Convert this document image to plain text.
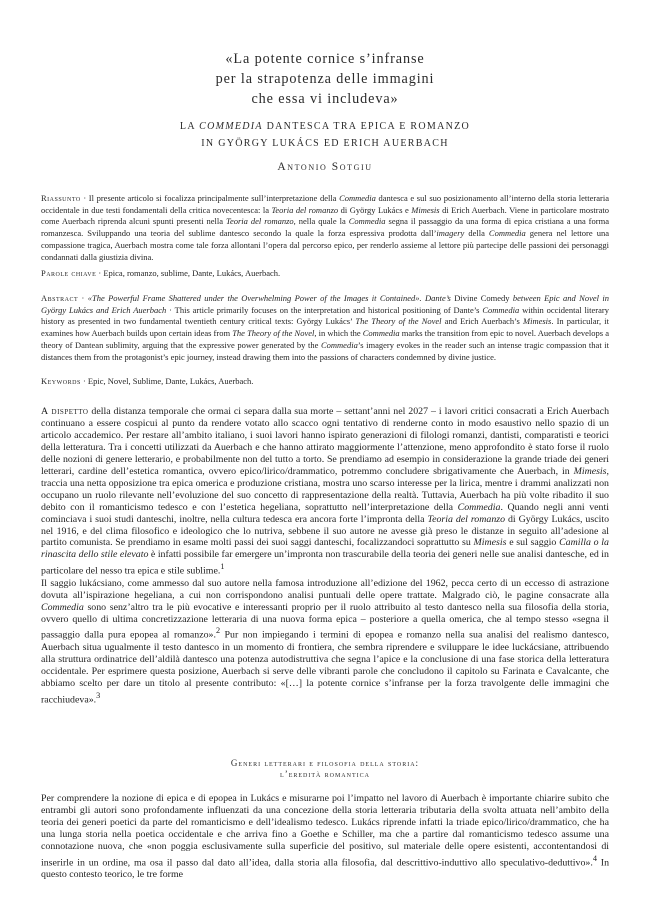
«La potente cornice s’infranse
per la strapotenza delle immagini
che essa vi includeva»
LA COMMEDIA DANTESCA TRA EPICA E ROMANZO
IN GYÖRGY LUKÁCS ED ERICH AUERBACH
Antonio Sotgiu
Riassunto · Il presente articolo si focalizza principalmente sull’interpretazione della Commedia dantesca e sul suo posizionamento all’interno della storia letteraria occidentale in due testi fondamentali della critica novecentesca: la Teoria del romanzo di György Lukács e Mimesis di Erich Auerbach. Viene in particolare mostrato come Auerbach riprenda alcuni spunti presenti nella Teoria del romanzo, nella quale la Commedia segna il passaggio da una forma di epica cristiana a una forma romanzesca. Sviluppando una teoria del sublime dantesco secondo la quale la forza espressiva prodotta dall’imagery della Commedia genera nel lettore una compassione tragica, Auerbach mostra come tale forza allontani l’opera dal percorso epico, per renderlo assieme al lettore più partecipe delle passioni dei personaggi condannati dalla giustizia divina.
Parole chiave · Epica, romanzo, sublime, Dante, Lukács, Auerbach.
Abstract · «The Powerful Frame Shattered under the Overwhelming Power of the Images it Contained». Dante’s Divine Comedy between Epic and Novel in György Lukács and Erich Auerbach · This article primarily focuses on the interpretation and historical positioning of Dante’s Commedia within occidental literary history as presented in two fundamental twentieth century critical texts: György Lukács’ The Theory of the Novel and Erich Auerbach’s Mimesis. In particular, it examines how Auerbach builds upon certain ideas from The Theory of the Novel, in which the Commedia marks the transition from epic to novel. Auerbach develops a theory of Dantean sublimity, arguing that the expressive power generated by the Commedia’s imagery evokes in the reader such an intense tragic compassion that it distances them from the protagonist’s epic journey, instead drawing them into the passions of characters condemned by divine justice.
Keywords · Epic, Novel, Sublime, Dante, Lukács, Auerbach.

A dispetto della distanza temporale che ormai ci separa dalla sua morte – settant’anni nel 2027 – i lavori critici consacrati a Erich Auerbach continuano a essere cospicui al punto da rendere votato allo scacco ogni tentativo di renderne conto in modo esaustivo nello spazio di un articolo accademico. Per restare all’ambito italiano, i suoi lavori hanno ispirato generazioni di filologi romanzi, dantisti, comparatisti e teorici della letteratura. Tra i concetti utilizzati da Auerbach e che hanno attirato maggiormente l’attenzione, meno approfondito è stato forse il ruolo delle nozioni di genere letterario, e probabilmente non del tutto a torto. Se prendiamo ad esempio in considerazione la grande triade dei generi letterari, cardine dell’estetica romantica, ovvero epico/lirico/drammatico, potremmo concludere sbrigativamente che Auerbach, in Mimesis, traccia una netta opposizione tra epica omerica e produzione cristiana, mostra uno scarso interesse per la lirica, mentre i drammi analizzati non occupano un ruolo rilevante nell’evoluzione del suo concetto di rappresentazione della realtà. Tuttavia, Auerbach ha più volte ribadito il suo debito con il romanticismo tedesco e con l’estetica hegeliana, soprattutto nell’interpretazione della Commedia. Quando negli anni venti cominciava i suoi studi danteschi, inoltre, nella cultura tedesca era ancora forte l’impronta della Teoria del romanzo di György Lukács, uscito nel 1916, e del clima filosofico e ideologico che lo nutriva, sebbene il suo autore ne avesse già preso le distanze in seguito all’adesione al partito comunista. Se prendiamo in esame molti passi dei suoi saggi danteschi, focalizzandoci soprattutto su Mimesis e sul saggio Camilla o la rinascita dello stile elevato è infatti possibile far emergere un’impronta non trascurabile della teoria dei generi nelle sue analisi dantesche, ed in particolare del nesso tra epica e stile sublime.$^1$

Il saggio lukácsiano, come ammesso dal suo autore nella famosa introduzione all’edizione del 1962, pecca certo di un eccesso di astrazione dovuta all’ispirazione hegeliana, a cui non corrispondono analisi puntuali delle opere trattate. Malgrado ciò, le pagine consacrate alla Commedia sono senz’altro tra le più evocative e interessanti proprio per il ruolo attribuito al testo dantesco nella sua filosofia della storia, ovvero quello di ultima concretizzazione letteraria di una nuova forma epica – posteriore a quella omerica, che al tempo stesso «segna il passaggio dalla pura epopea al romanzo».$^2$ Pur non impiegando i termini di epopea e romanzo nella sua analisi del realismo dantesco, Auerbach situa ugualmente il testo dantesco in un momento di frontiera, che sembra riprendere e sviluppare le idee luckácsiane, attribuendo alla struttura ordinatrice dell’aldilà dantesco una potenza autodistruttiva che segna l’apice e la conclusione di una fase storica della letteratura occidentale. Per esprimere questa posizione, Auerbach si serve delle vibranti parole che concludono il capitolo su Farinata e Cavalcante, che abbiamo scelto per dare un titolo al presente contributo: «[…] la potente cornice s’infranse per la forza travolgente delle immagini che racchiudeva».$^3$

Generi letterari e filosofia della storia:
l’eredità romantica

Per comprendere la nozione di epica e di epopea in Lukács e misurarne poi l’impatto nel lavoro di Auerbach è importante chiarire subito che entrambi gli autori sono profondamente influenzati da una concezione della storia letteraria tributaria della svolta attuata nell’ambito della teoria dei generi poetici da parte del romanticismo e dell’idealismo tedesco. Lukács riprende infatti la triade epico/lirico/drammatico, che ha una lunga storia nella poetica occidentale e che arriva fino a Goethe e Schiller, ma che a partire dal romanticismo tedesco assume una connotazione nuova, che «non poggia esclusivamente sulla superficie del positivo, sul materiale delle opere esistenti, accontentandosi di inserirle in un ordine, ma osa il passo dal dato all’idea, dalla storia alla filosofia, dal descrittivo-induttivo allo speculativo-deduttivo».$^4$ In questo contesto teorico, le tre forme
